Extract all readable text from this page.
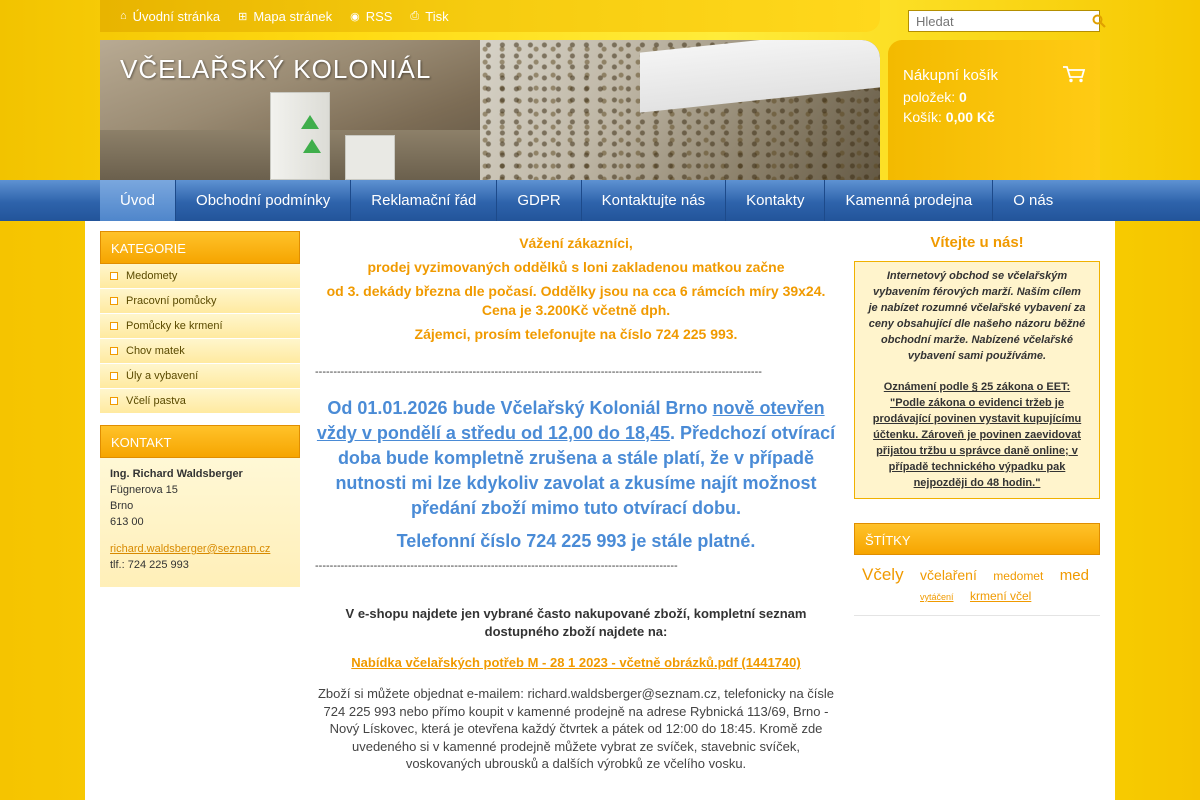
⌂ Úvodní stránka ⊞ Mapa stránek ◉ RSS ⎙ Tisk
Hledat
VČELAŘSKÝ KOLONIÁL	Nákupní košík
položek: 0
Košík: 0,00 Kč
Úvod	Obchodní podmínky	Reklamační řád	GDPR	Kontaktujte nás	Kontakty	Kamenná prodejna	O nás
KATEGORIE
Medomety
Pracovní pomůcky
Pomůcky ke krmení
Chov matek
Úly a vybavení
Včelí pastva
KONTAKT
Ing. Richard Waldsberger
Fügnerova 15
Brno
613 00
richard.waldsberger@seznam.cz
tlf.: 724 225 993
Vážení zákazníci,
prodej vyzimovaných oddělků s loni zakladenou matkou začne
od 3. dekády března dle počasí. Oddělky jsou na cca 6 rámcích míry 39x24. Cena je 3.200Kč včetně dph.
Zájemci, prosím telefonujte na číslo 724 225 993.
--------------------------------------------------------------------------------------------------------------------------
Od 01.01.2026 bude Včelařský Koloniál Brno nově otevřen vždy v pondělí a středu od 12,00 do 18,45. Předchozí otvírací doba bude kompletně zrušena a stále platí, že v případě nutnosti mi lze kdykoliv zavolat a zkusíme najít možnost předání zboží mimo tuto otvírací dobu.
Telefonní číslo 724 225 993 je stále platné.
---------------------------------------------------------------------------------------------------
V e-shopu najdete jen vybrané často nakupované zboží, kompletní seznam dostupného zboží najdete na:
Nabídka včelařských potřeb M - 28 1 2023 - včetně obrázků.pdf (1441740)
Zboží si můžete objednat e-mailem: richard.waldsberger@seznam.cz, telefonicky na čísle 724 225 993 nebo přímo koupit v kamenné prodejně na adrese Rybnická 113/69, Brno - Nový Lískovec, která je otevřena každý čtvrtek a pátek od 12:00 do 18:45. Kromě zde uvedeného si v kamenné prodejně můžete vybrat ze svíček, stavebnic svíček, voskovaných ubrousků a dalších výrobků ze včelího vosku.
Vítejte u nás!
Internetový obchod se včelařským vybavením férových marží. Naším cílem je nabízet rozumné včelařské vybavení za ceny obsahující dle našeho názoru běžné obchodní marže. Nabízené včelařské vybavení sami používáme.
Oznámení podle § 25 zákona o EET: "Podle zákona o evidenci tržeb je prodávající povinen vystavit kupujícímu účtenku. Zároveň je povinen zaevidovat přijatou tržbu u správce daně online; v případě technického výpadku pak nejpozději do 48 hodin."
ŠTÍTKY
Včely včelaření medomet med
vytáčení krmení včel
